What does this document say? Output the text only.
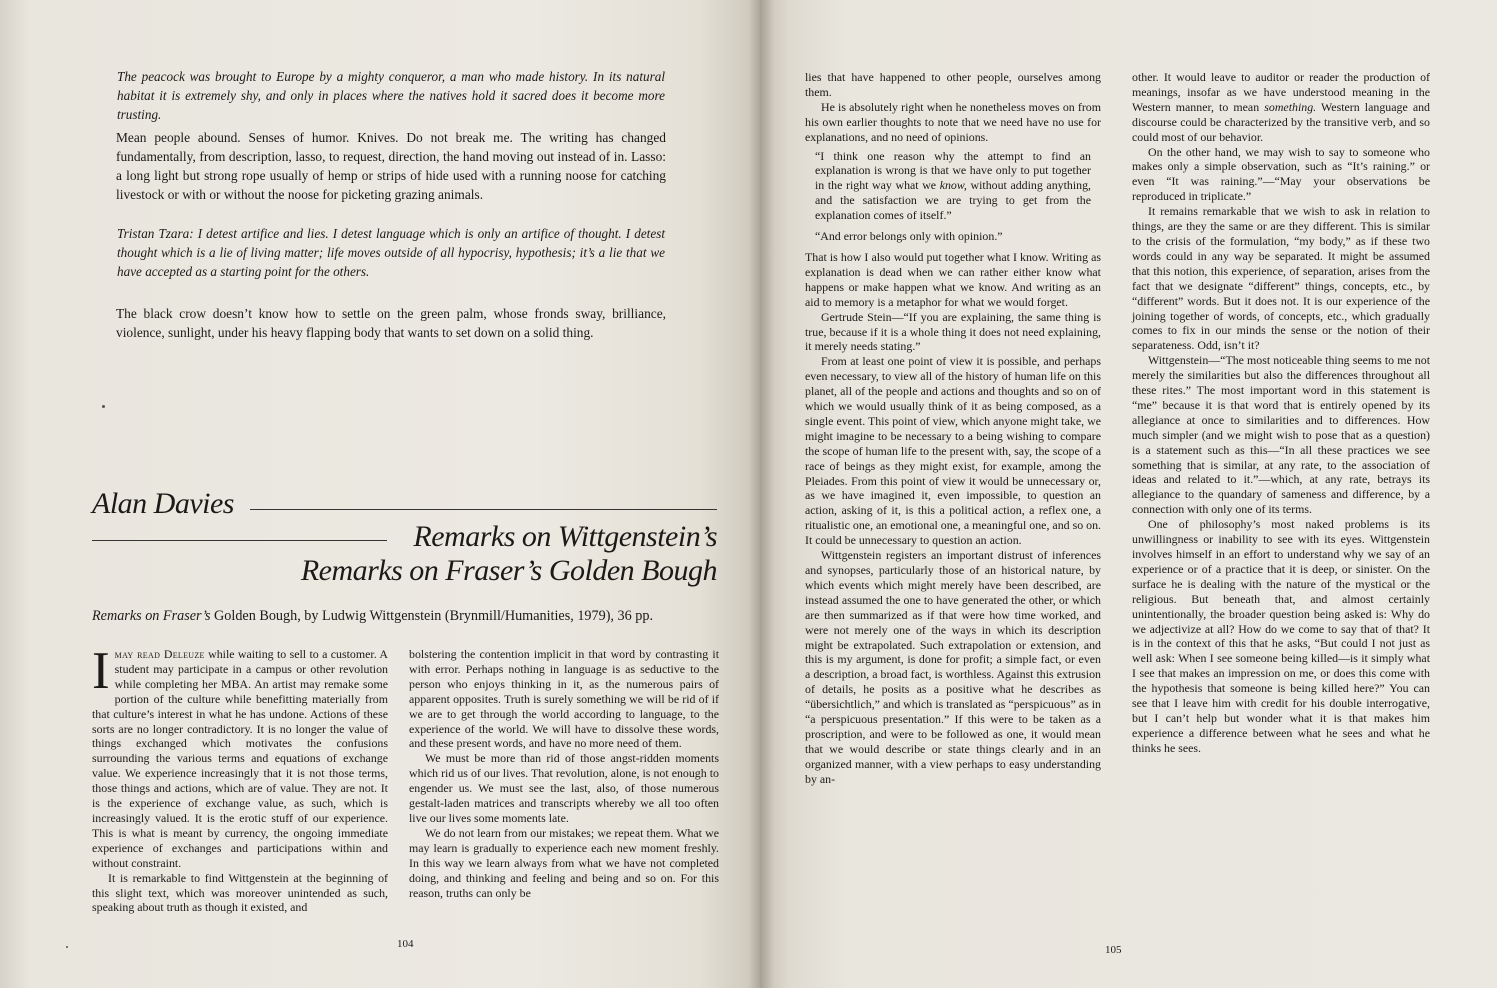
The peacock was brought to Europe by a mighty conqueror, a man who made history. In its natural habitat it is extremely shy, and only in places where the natives hold it sacred does it become more trusting.

Mean people abound. Senses of humor. Knives. Do not break me. The writing has changed fundamentally, from description, lasso, to request, direction, the hand moving out instead of in. Lasso: a long light but strong rope usually of hemp or strips of hide used with a running noose for catching livestock or with or without the noose for picketing grazing animals.

Tristan Tzara: I detest artifice and lies. I detest language which is only an artifice of thought. I detest thought which is a lie of living matter; life moves outside of all hypocrisy, hypothesis; it’s a lie that we have accepted as a starting point for the others.

The black crow doesn’t know how to settle on the green palm, whose fronds sway, brilliance, violence, sunlight, under his heavy flapping body that wants to set down on a solid thing.

Alan Davies
Remarks on Wittgenstein’s
Remarks on Fraser’s Golden Bough
Remarks on Fraser’s Golden Bough, by Ludwig Wittgenstein (Brynmill/Humanities, 1979), 36 pp.

Imay read Deleuze while waiting to sell to a customer. A student may participate in a campus or other revolution while completing her MBA. An artist may remake some portion of the culture while benefitting materially from that culture’s interest in what he has undone. Actions of these sorts are no longer contradictory. It is no longer the value of things exchanged which motivates the confusions surrounding the various terms and equations of exchange value. We experience increasingly that it is not those terms, those things and actions, which are of value. They are not. It is the experience of exchange value, as such, which is increasingly valued. It is the erotic stuff of our experience. This is what is meant by currency, the ongoing immediate experience of exchanges and participations within and without constraint.

It is remarkable to find Wittgenstein at the beginning of this slight text, which was moreover unintended as such, speaking about truth as though it existed, and

bolstering the contention implicit in that word by contrasting it with error. Perhaps nothing in language is as seductive to the person who enjoys thinking in it, as the numerous pairs of apparent opposites. Truth is surely something we will be rid of if we are to get through the world according to language, to the experience of the world. We will have to dissolve these words, and these present words, and have no more need of them.

We must be more than rid of those angst-ridden moments which rid us of our lives. That revolution, alone, is not enough to engender us. We must see the last, also, of those numerous gestalt-laden matrices and transcripts whereby we all too often live our lives some moments late.

We do not learn from our mistakes; we repeat them. What we may learn is gradually to experience each new moment freshly. In this way we learn always from what we have not completed doing, and thinking and feeling and being and so on. For this reason, truths can only be

104

lies that have happened to other people, ourselves among them.

He is absolutely right when he nonetheless moves on from his own earlier thoughts to note that we need have no use for explanations, and no need of opinions.

“I think one reason why the attempt to find an explanation is wrong is that we have only to put together in the right way what we know, without adding anything, and the satisfaction we are trying to get from the explanation comes of itself.”

“And error belongs only with opinion.”

That is how I also would put together what I know. Writing as explanation is dead when we can rather either know what happens or make happen what we know. And writing as an aid to memory is a metaphor for what we would forget.

Gertrude Stein—“If you are explaining, the same thing is true, because if it is a whole thing it does not need explaining, it merely needs stating.”

From at least one point of view it is possible, and perhaps even necessary, to view all of the history of human life on this planet, all of the people and actions and thoughts and so on of which we would usually think of it as being composed, as a single event. This point of view, which anyone might take, we might imagine to be necessary to a being wishing to compare the scope of human life to the present with, say, the scope of a race of beings as they might exist, for example, among the Pleiades. From this point of view it would be unnecessary or, as we have imagined it, even impossible, to question an action, asking of it, is this a political action, a reflex one, a ritualistic one, an emotional one, a meaningful one, and so on. It could be unnecessary to question an action.

Wittgenstein registers an important distrust of inferences and synopses, particularly those of an historical nature, by which events which might merely have been described, are instead assumed the one to have generated the other, or which are then summarized as if that were how time worked, and were not merely one of the ways in which its description might be extrapolated. Such extrapolation or extension, and this is my argument, is done for profit; a simple fact, or even a description, a broad fact, is worthless. Against this extrusion of details, he posits as a positive what he describes as “übersichtlich,” and which is translated as “perspicuous” as in “a perspicuous presentation.” If this were to be taken as a proscription, and were to be followed as one, it would mean that we would describe or state things clearly and in an organized manner, with a view perhaps to easy understanding by an-

other. It would leave to auditor or reader the production of meanings, insofar as we have understood meaning in the Western manner, to mean something. Western language and discourse could be characterized by the transitive verb, and so could most of our behavior.

On the other hand, we may wish to say to someone who makes only a simple observation, such as “It’s raining.” or even “It was raining.”—“May your observations be reproduced in triplicate.”

It remains remarkable that we wish to ask in relation to things, are they the same or are they different. This is similar to the crisis of the formulation, “my body,” as if these two words could in any way be separated. It might be assumed that this notion, this experience, of separation, arises from the fact that we designate “different” things, concepts, etc., by “different” words. But it does not. It is our experience of the joining together of words, of concepts, etc., which gradually comes to fix in our minds the sense or the notion of their separateness. Odd, isn’t it?

Wittgenstein—“The most noticeable thing seems to me not merely the similarities but also the differences throughout all these rites.” The most important word in this statement is “me” because it is that word that is entirely opened by its allegiance at once to similarities and to differences. How much simpler (and we might wish to pose that as a question) is a statement such as this—“In all these practices we see something that is similar, at any rate, to the association of ideas and related to it.”—which, at any rate, betrays its allegiance to the quandary of sameness and difference, by a connection with only one of its terms.

One of philosophy’s most naked problems is its unwillingness or inability to see with its eyes. Wittgenstein involves himself in an effort to understand why we say of an experience or of a practice that it is deep, or sinister. On the surface he is dealing with the nature of the mystical or the religious. But beneath that, and almost certainly unintentionally, the broader question being asked is: Why do we adjectivize at all? How do we come to say that of that? It is in the context of this that he asks, “But could I not just as well ask: When I see someone being killed—is it simply what I see that makes an impression on me, or does this come with the hypothesis that someone is being killed here?” You can see that I leave him with credit for his double interrogative, but I can’t help but wonder what it is that makes him experience a difference between what he sees and what he thinks he sees.

105
